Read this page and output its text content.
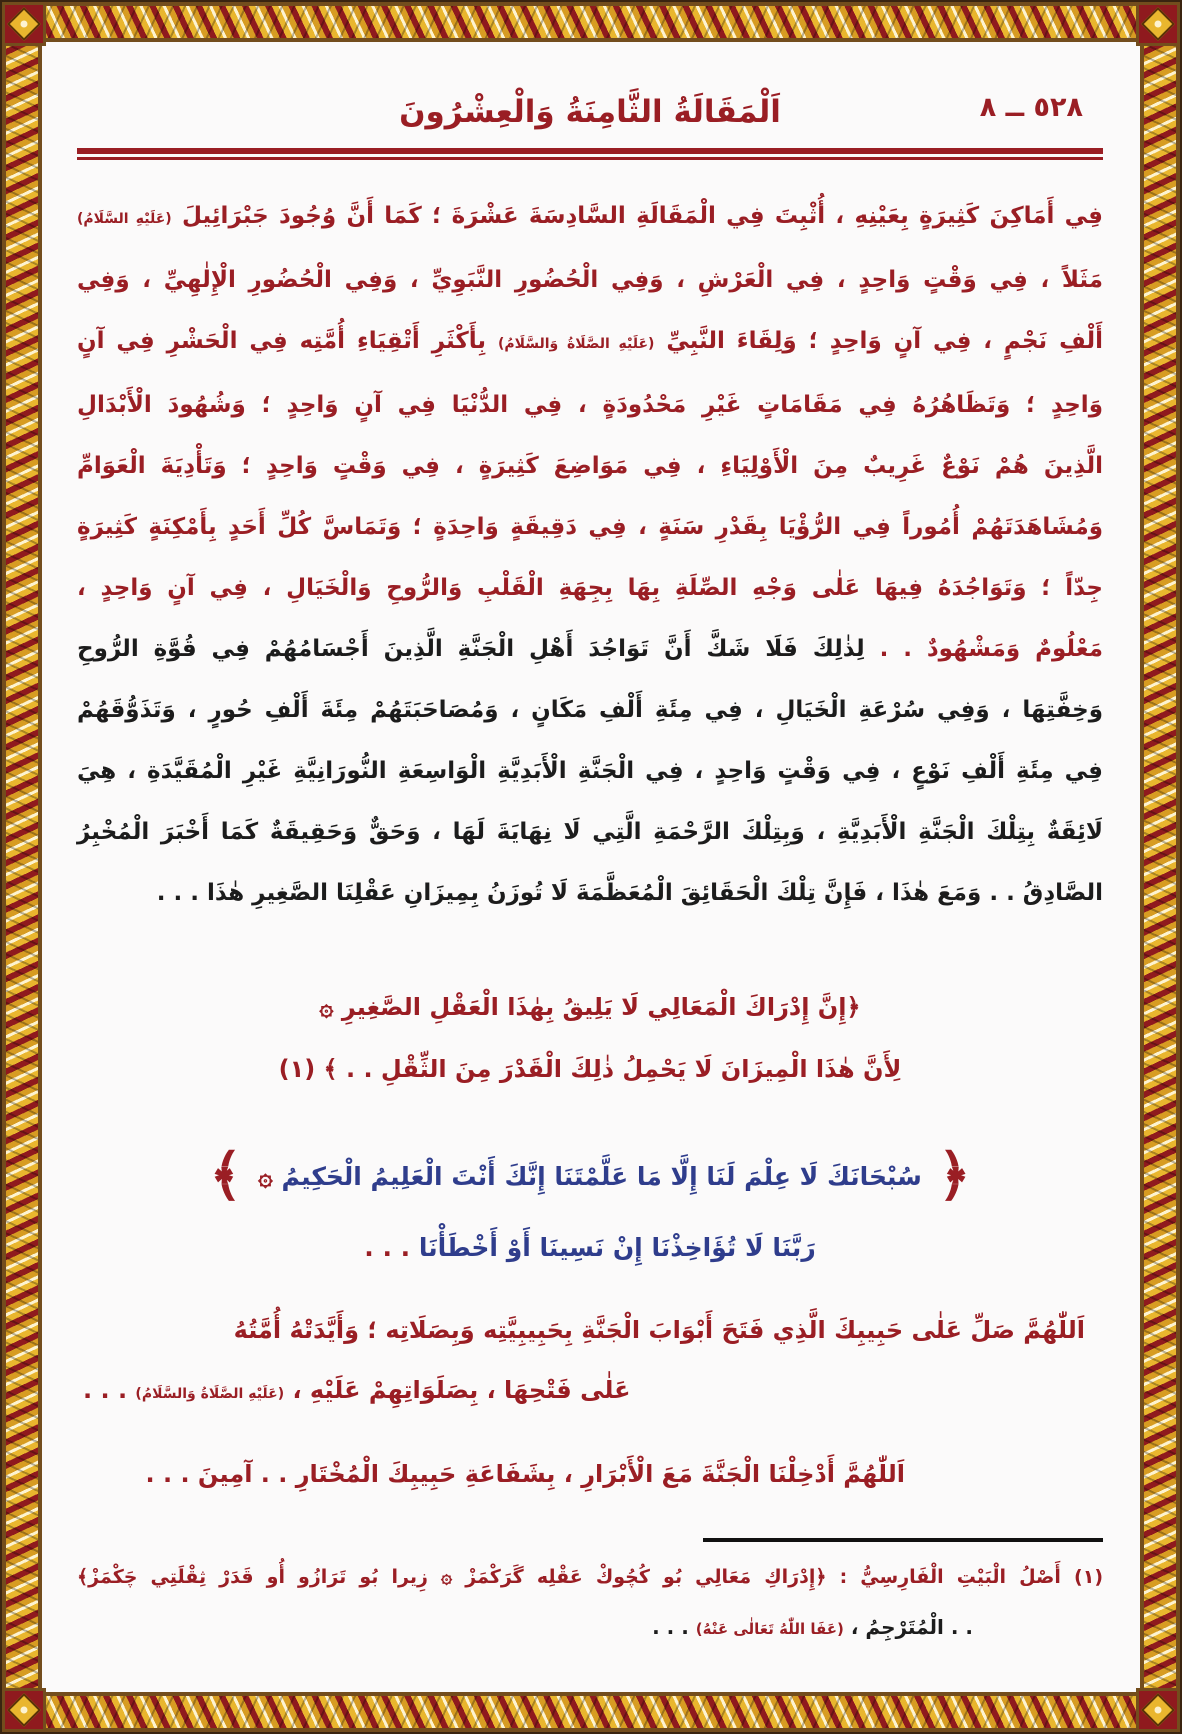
اَلْمَقَالَةُ الثَّامِنَةُ وَالْعِشْرُونَ	٥٢٨ ــ ٨
فِي أَمَاكِنَ كَثِيرَةٍ بِعَيْنِهِ ، أُثْبِتَ فِي الْمَقَالَةِ السَّادِسَةَ عَشْرَةَ ؛ كَمَا أَنَّ وُجُودَ جَبْرَائِيلَ (عَلَيْهِ السَّلَامُ)
مَثَلاً ، فِي وَقْتٍ وَاحِدٍ ، فِي الْعَرْشِ ، وَفِي الْحُضُورِ النَّبَوِيِّ ، وَفِي الْحُضُورِ الْإِلٰهِيِّ ، وَفِي
أَلْفِ نَجْمٍ ، فِي آنٍ وَاحِدٍ ؛ وَلِقَاءَ النَّبِيِّ (عَلَيْهِ الصَّلَاةُ وَالسَّلَامُ) بِأَكْثَرِ أَتْقِيَاءِ أُمَّتِه فِي الْحَشْرِ فِي آنٍ
وَاحِدٍ ؛ وَتَظَاهُرُهُ فِي مَقَامَاتٍ غَيْرِ مَحْدُودَةٍ ، فِي الدُّنْيَا فِي آنٍ وَاحِدٍ ؛ وَشُهُودَ الْأَبْدَالِ
الَّذِينَ هُمْ نَوْعٌ غَرِيبٌ مِنَ الْأَوْلِيَاءِ ، فِي مَوَاضِعَ كَثِيرَةٍ ، فِي وَقْتٍ وَاحِدٍ ؛ وَتَأْدِيَةَ الْعَوَامِّ
وَمُشَاهَدَتَهُمْ أُمُوراً فِي الرُّؤْيَا بِقَدْرِ سَنَةٍ ، فِي دَقِيقَةٍ وَاحِدَةٍ ؛ وَتَمَاسَّ كُلِّ أَحَدٍ بِأَمْكِنَةٍ كَثِيرَةٍ
جِدّاً ؛ وَتَوَاجُدَهُ فِيهَا عَلٰى وَجْهِ الصِّلَةِ بِهَا بِجِهَةِ الْقَلْبِ وَالرُّوحِ وَالْخَيَالِ ، فِي آنٍ وَاحِدٍ ،
مَعْلُومٌ وَمَشْهُودٌ . . لِذٰلِكَ فَلَا شَكَّ أَنَّ تَوَاجُدَ أَهْلِ الْجَنَّةِ الَّذِينَ أَجْسَامُهُمْ فِي قُوَّةِ الرُّوحِ
وَخِفَّتِهَا ، وَفِي سُرْعَةِ الْخَيَالِ ، فِي مِئَةِ أَلْفِ مَكَانٍ ، وَمُصَاحَبَتَهُمْ مِئَةَ أَلْفِ حُورٍ ، وَتَذَوُّقَهُمْ
فِي مِئَةِ أَلْفِ نَوْعٍ ، فِي وَقْتٍ وَاحِدٍ ، فِي الْجَنَّةِ الْأَبَدِيَّةِ الْوَاسِعَةِ النُّورَانِيَّةِ غَيْرِ الْمُقَيَّدَةِ ، هِيَ
لَائِقَةٌ بِتِلْكَ الْجَنَّةِ الْأَبَدِيَّةِ ، وَبِتِلْكَ الرَّحْمَةِ الَّتِي لَا نِهَايَةَ لَهَا ، وَحَقٌّ وَحَقِيقَةٌ كَمَا أَخْبَرَ الْمُخْبِرُ
الصَّادِقُ . . وَمَعَ هٰذَا ، فَإِنَّ تِلْكَ الْحَقَائِقَ الْمُعَظَّمَةَ لَا تُوزَنُ بِمِيزَانِ عَقْلِنَا الصَّغِيرِ هٰذَا . . .
﴿إِنَّ إِدْرَاكَ الْمَعَالِي لَا يَلِيقُ بِهٰذَا الْعَقْلِ الصَّغِيرِ ۞
لِأَنَّ هٰذَا الْمِيزَانَ لَا يَحْمِلُ ذٰلِكَ الْقَدْرَ مِنَ الثِّقْلِ . . ﴾ (١)
﴿
سُبْحَانَكَ لَا عِلْمَ لَنَا إِلَّا مَا عَلَّمْتَنَا إِنَّكَ أَنْتَ الْعَلِيمُ الْحَكِيمُ ۞
﴾
رَبَّنَا لَا تُؤَاخِذْنَا إِنْ نَسِينَا أَوْ أَخْطَأْنَا . . .
اَللّٰهُمَّ صَلِّ عَلٰى حَبِيبِكَ الَّذِي فَتَحَ أَبْوَابَ الْجَنَّةِ بِحَبِيبِيَّتِه وَبِصَلَاتِه ؛ وَأَيَّدَتْهُ أُمَّتُهُ
عَلٰى فَتْحِهَا ، بِصَلَوَاتِهِمْ عَلَيْهِ ، (عَلَيْهِ الصَّلَاةُ وَالسَّلَامُ) . . .
اَللّٰهُمَّ أَدْخِلْنَا الْجَنَّةَ مَعَ الْأَبْرَارِ ، بِشَفَاعَةِ حَبِيبِكَ الْمُخْتَارِ . . آمِينَ . . .
(١) أَصْلُ الْبَيْتِ الْفَارِسِيُّ : ﴿إِدْرَاكِ مَعَالِي بُو كُچُوكْ عَقْلِه گَرَكْمَزْ ۞ زِيرا بُو تَرَازُو أُو قَدَرْ ثِقْلَتِي چَكْمَزْ﴾
. . الْمُتَرْجِمُ ، (عَفَا اللّٰهُ تَعَالٰى عَنْهُ) . . .
